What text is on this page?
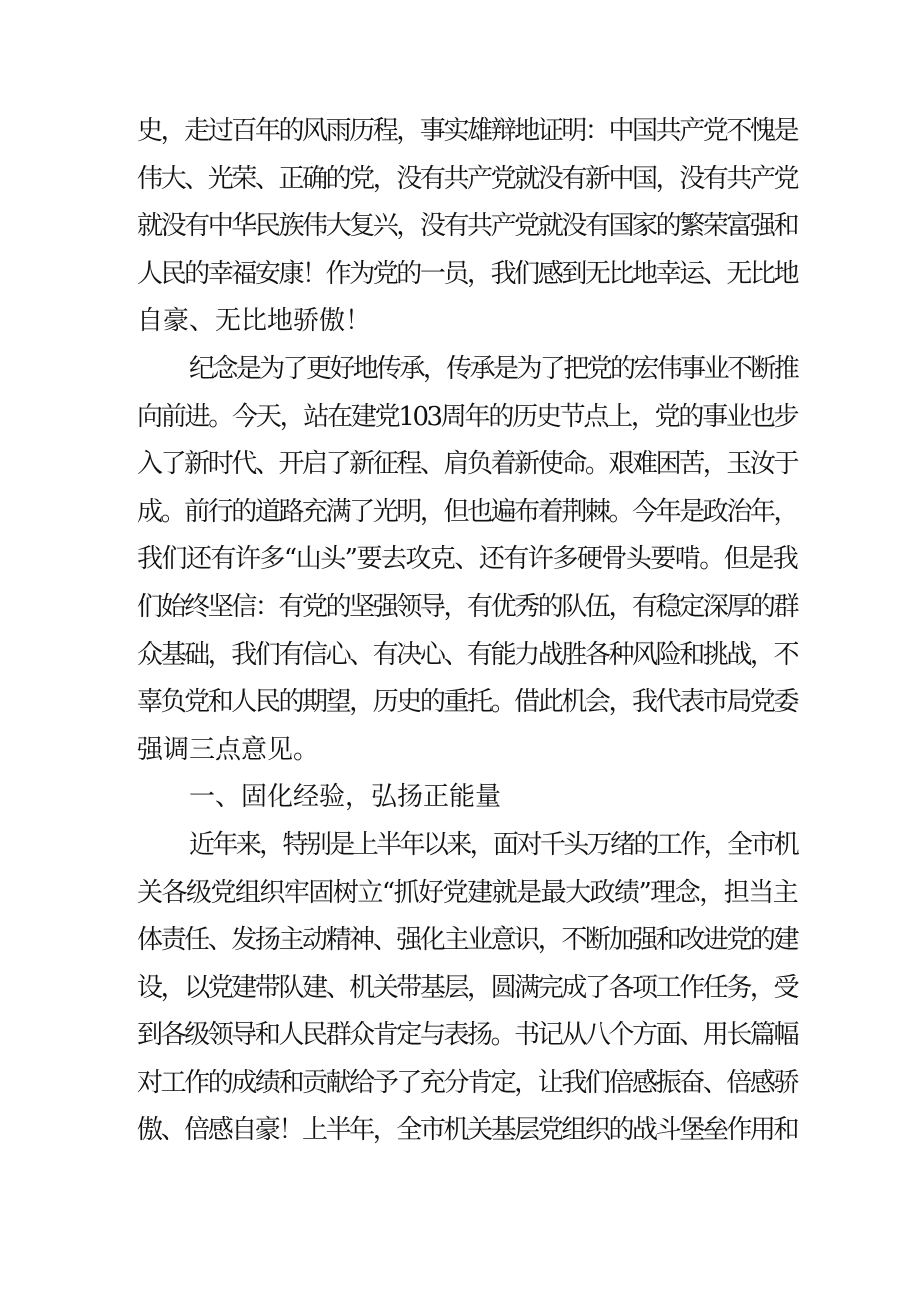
史，走过百年的风雨历程，事实雄辩地证明：中国共产党不愧是
伟大、光荣、正确的党，没有共产党就没有新中国，没有共产党
就没有中华民族伟大复兴，没有共产党就没有国家的繁荣富强和
人民的幸福安康！作为党的一员，我们感到无比地幸运、无比地
自豪、无比地骄傲！
纪念是为了更好地传承，传承是为了把党的宏伟事业不断推
向前进。今天，站在建党103周年的历史节点上，党的事业也步
入了新时代、开启了新征程、肩负着新使命。艰难困苦，玉汝于
成。前行的道路充满了光明，但也遍布着荆棘。今年是政治年，
我们还有许多“山头”要去攻克、还有许多硬骨头要啃。但是我
们始终坚信：有党的坚强领导，有优秀的队伍，有稳定深厚的群
众基础，我们有信心、有决心、有能力战胜各种风险和挑战，不
辜负党和人民的期望，历史的重托。借此机会，我代表市局党委
强调三点意见。
一、固化经验，弘扬正能量
近年来，特别是上半年以来，面对千头万绪的工作，全市机
关各级党组织牢固树立“抓好党建就是最大政绩”理念，担当主
体责任、发扬主动精神、强化主业意识，不断加强和改进党的建
设，以党建带队建、机关带基层，圆满完成了各项工作任务，受
到各级领导和人民群众肯定与表扬。书记从八个方面、用长篇幅
对工作的成绩和贡献给予了充分肯定，让我们倍感振奋、倍感骄
傲、倍感自豪！上半年，全市机关基层党组织的战斗堡垒作用和
